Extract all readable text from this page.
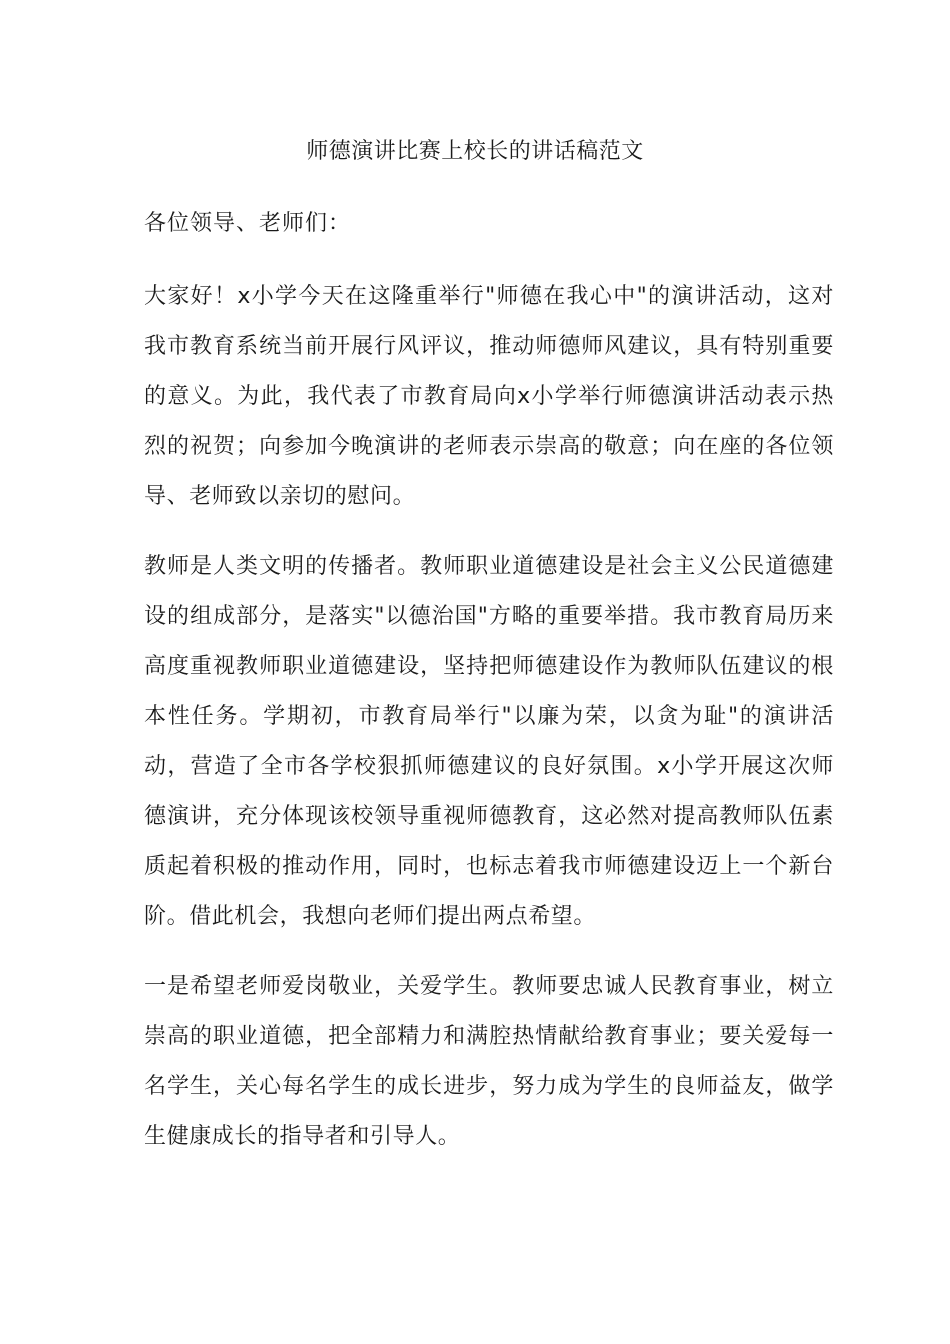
师德演讲比赛上校长的讲话稿范文
各位领导、老师们：

大家好！x小学今天在这隆重举行"师德在我心中"的演讲活动，这对我市教育系统当前开展行风评议，推动师德师风建议，具有特别重要的意义。为此，我代表了市教育局向x小学举行师德演讲活动表示热烈的祝贺；向参加今晚演讲的老师表示崇高的敬意；向在座的各位领导、老师致以亲切的慰问。

教师是人类文明的传播者。教师职业道德建设是社会主义公民道德建设的组成部分，是落实"以德治国"方略的重要举措。我市教育局历来高度重视教师职业道德建设，坚持把师德建设作为教师队伍建议的根本性任务。学期初，市教育局举行"以廉为荣，以贪为耻"的演讲活动，营造了全市各学校狠抓师德建议的良好氛围。x小学开展这次师德演讲，充分体现该校领导重视师德教育，这必然对提高教师队伍素质起着积极的推动作用，同时，也标志着我市师德建设迈上一个新台阶。借此机会，我想向老师们提出两点希望。

一是希望老师爱岗敬业，关爱学生。教师要忠诚人民教育事业，树立崇高的职业道德，把全部精力和满腔热情献给教育事业；要关爱每一名学生，关心每名学生的成长进步，努力成为学生的良师益友，做学生健康成长的指导者和引导人。
